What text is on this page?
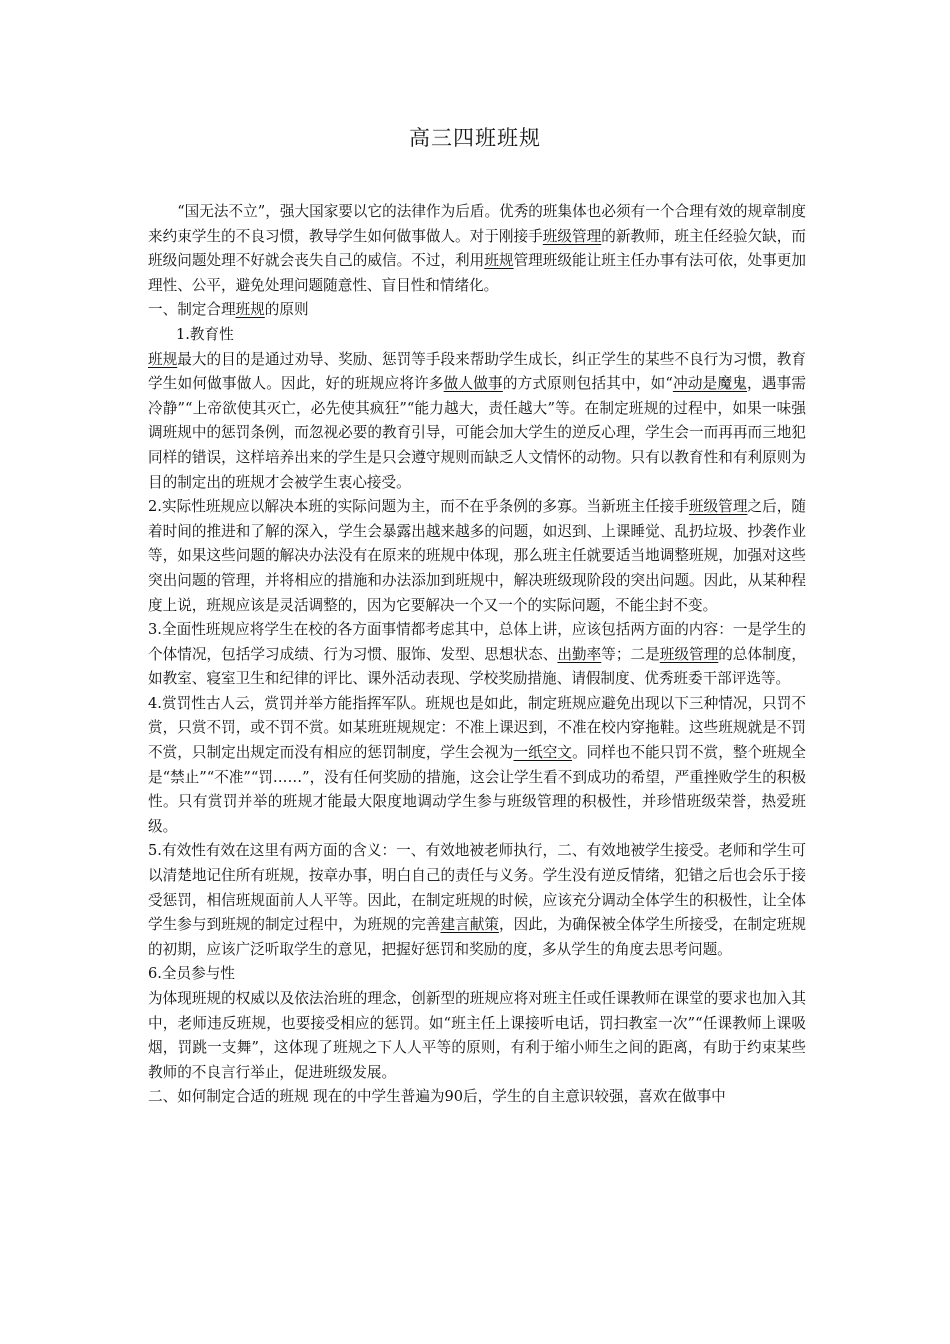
高三四班班规

“国无法不立”，强大国家要以它的法律作为后盾。优秀的班集体也必须有一个合理有效的规章制度来约束学生的不良习惯，教导学生如何做事做人。对于刚接手班级管理的新教师，班主任经验欠缺，而班级问题处理不好就会丧失自己的威信。不过，利用班规管理班级能让班主任办事有法可依，处事更加理性、公平，避免处理问题随意性、盲目性和情绪化。

一、制定合理班规的原则

1.教育性

班规最大的目的是通过劝导、奖励、惩罚等手段来帮助学生成长，纠正学生的某些不良行为习惯，教育学生如何做事做人。因此，好的班规应将许多做人做事的方式原则包括其中，如“冲动是魔鬼，遇事需冷静”“上帝欲使其灭亡，必先使其疯狂”“能力越大，责任越大”等。在制定班规的过程中，如果一味强调班规中的惩罚条例，而忽视必要的教育引导，可能会加大学生的逆反心理，学生会一而再再而三地犯同样的错误，这样培养出来的学生是只会遵守规则而缺乏人文情怀的动物。只有以教育性和有利原则为目的制定出的班规才会被学生衷心接受。

2.实际性班规应以解决本班的实际问题为主，而不在乎条例的多寡。当新班主任接手班级管理之后，随着时间的推进和了解的深入，学生会暴露出越来越多的问题，如迟到、上课睡觉、乱扔垃圾、抄袭作业等，如果这些问题的解决办法没有在原来的班规中体现，那么班主任就要适当地调整班规，加强对这些突出问题的管理，并将相应的措施和办法添加到班规中，解决班级现阶段的突出问题。因此，从某种程度上说，班规应该是灵活调整的，因为它要解决一个又一个的实际问题，不能尘封不变。

3.全面性班规应将学生在校的各方面事情都考虑其中，总体上讲，应该包括两方面的内容：一是学生的个体情况，包括学习成绩、行为习惯、服饰、发型、思想状态、出勤率等；二是班级管理的总体制度，如教室、寝室卫生和纪律的评比、课外活动表现、学校奖励措施、请假制度、优秀班委干部评选等。

4.赏罚性古人云，赏罚并举方能指挥军队。班规也是如此，制定班规应避免出现以下三种情况，只罚不赏，只赏不罚，或不罚不赏。如某班班规规定：不准上课迟到，不准在校内穿拖鞋。这些班规就是不罚不赏，只制定出规定而没有相应的惩罚制度，学生会视为一纸空文。同样也不能只罚不赏，整个班规全是“禁止”“不准”“罚……”，没有任何奖励的措施，这会让学生看不到成功的希望，严重挫败学生的积极性。只有赏罚并举的班规才能最大限度地调动学生参与班级管理的积极性，并珍惜班级荣誉，热爱班级。

5.有效性有效在这里有两方面的含义：一、有效地被老师执行，二、有效地被学生接受。老师和学生可以清楚地记住所有班规，按章办事，明白自己的责任与义务。学生没有逆反情绪，犯错之后也会乐于接受惩罚，相信班规面前人人平等。因此，在制定班规的时候，应该充分调动全体学生的积极性，让全体学生参与到班规的制定过程中，为班规的完善建言献策，因此，为确保被全体学生所接受，在制定班规的初期，应该广泛听取学生的意见，把握好惩罚和奖励的度，多从学生的角度去思考问题。

6.全员参与性

为体现班规的权威以及依法治班的理念，创新型的班规应将对班主任或任课教师在课堂的要求也加入其中，老师违反班规，也要接受相应的惩罚。如“班主任上课接听电话，罚扫教室一次”“任课教师上课吸烟，罚跳一支舞”，这体现了班规之下人人平等的原则，有利于缩小师生之间的距离，有助于约束某些教师的不良言行举止，促进班级发展。

二、如何制定合适的班规 现在的中学生普遍为90后，学生的自主意识较强，喜欢在做事中
